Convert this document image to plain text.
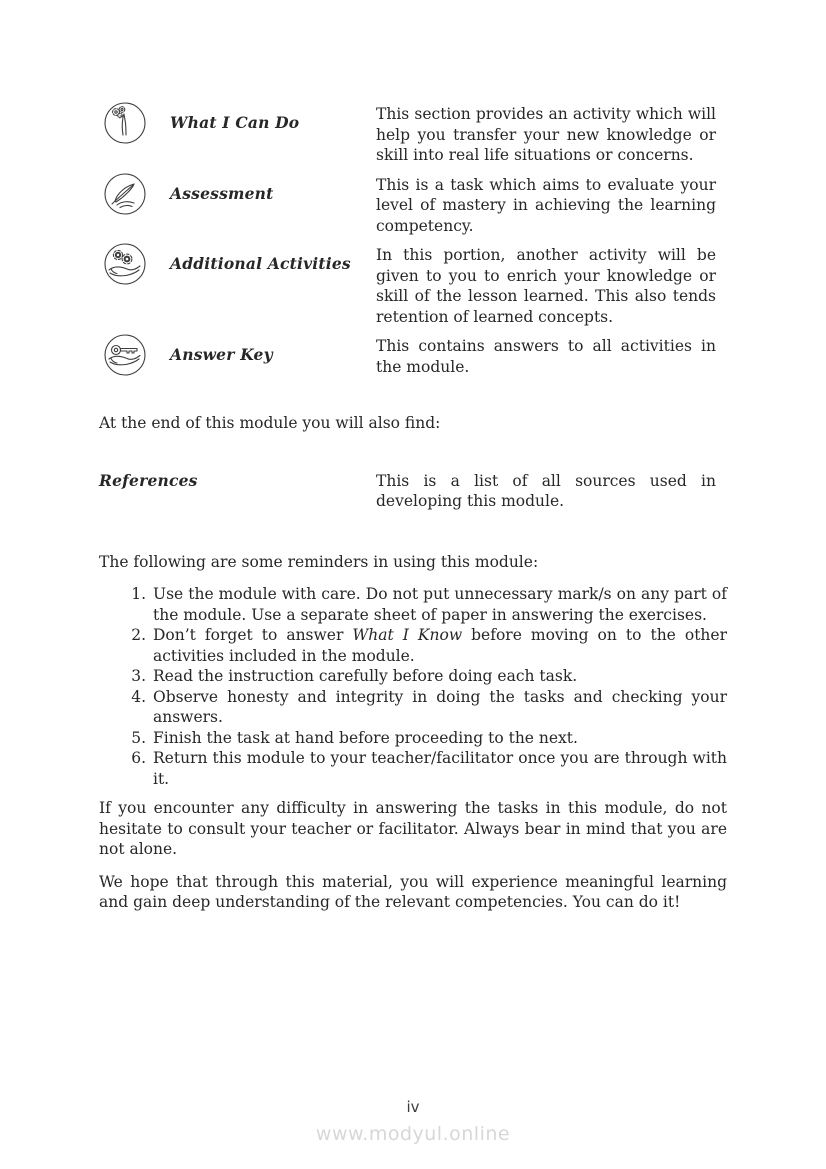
What I Can Do	This section provides an activity which will help you transfer your new knowledge or skill into real life situations or concerns.
Assessment	This is a task which aims to evaluate your level of mastery in achieving the learning competency.
Additional Activities	In this portion, another activity will be given to you to enrich your knowledge or skill of the lesson learned. This also tends retention of learned concepts.
Answer Key	This contains answers to all activities in the module.

At the end of this module you will also find:

References	This is a list of all sources used in developing this module.

The following are some reminders in using this module:

1. Use the module with care. Do not put unnecessary mark/s on any part of the module. Use a separate sheet of paper in answering the exercises.
2. Don’t forget to answer What I Know before moving on to the other activities included in the module.
3. Read the instruction carefully before doing each task.
4. Observe honesty and integrity in doing the tasks and checking your answers.
5. Finish the task at hand before proceeding to the next.
6. Return this module to your teacher/facilitator once you are through with it.

If you encounter any difficulty in answering the tasks in this module, do not hesitate to consult your teacher or facilitator. Always bear in mind that you are not alone.

We hope that through this material, you will experience meaningful learning and gain deep understanding of the relevant competencies. You can do it!

iv
www.modyul.online
